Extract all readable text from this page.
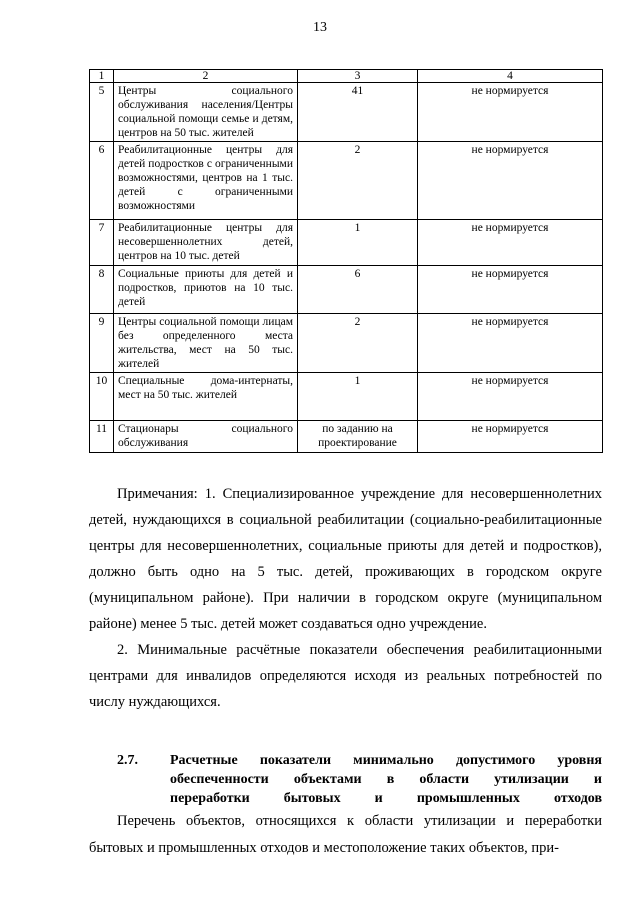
13
1	2	3	4
5	Центры социального обслуживания населения/Центры социальной помощи семье и детям, центров на 50 тыс. жителей	41	не нормируется
6	Реабилитационные центры для детей подростков с ограниченными возможностями, центров на 1 тыс. детей с ограниченными возможностями	2	не нормируется
7	Реабилитационные центры для несовершеннолетних детей, центров на 10 тыс. детей	1	не нормируется
8	Социальные приюты для детей и подростков, приютов на 10 тыс. детей	6	не нормируется
9	Центры социальной помощи лицам без определенного места жительства, мест на 50 тыс. жителей	2	не нормируется
10	Специальные дома-интернаты, мест на 50 тыс. жителей	1	не нормируется
11	Стационары социального обслуживания	по заданию на проектирование	не нормируется

Примечания: 1. Специализированное учреждение для несовершеннолетних детей, нуждающихся в социальной реабилитации (социально-реабилитационные центры для несовершеннолетних, социальные приюты для детей и подростков), должно быть одно на 5 тыс. детей, проживающих в городском округе (муниципальном районе). При наличии в городском округе (муниципальном районе) менее 5 тыс. детей может создаваться одно учреждение.

2. Минимальные расчётные показатели обеспечения реабилитационными центрами для инвалидов определяются исходя из реальных потребностей по числу нуждающихся.

2.7. Расчетные показатели минимально допустимого уровня
обеспеченности объектами в области утилизации и
переработки бытовых и промышленных отходов

Перечень объектов, относящихся к области утилизации и переработки бытовых и промышленных отходов и местоположение таких объектов, при-
